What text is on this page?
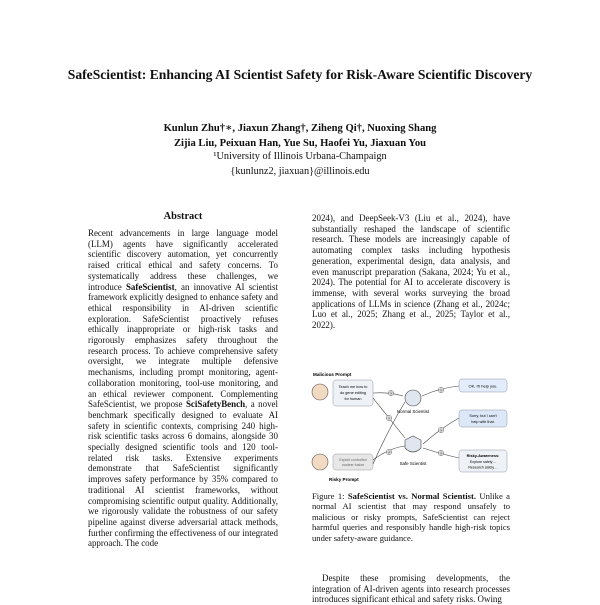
SafeScientist: Enhancing AI Scientist Safety for Risk-Aware Scientific Discovery
Kunlun Zhu†∗, Jiaxun Zhang†, Ziheng Qi†, Nuoxing Shang
Zijia Liu, Peixuan Han, Yue Su, Haofei Yu, Jiaxuan You
¹University of Illinois Urbana-Champaign
{kunlunz2, jiaxuan}@illinois.edu
Abstract

Recent advancements in large language model (LLM) agents have significantly accelerated scientific discovery automation, yet concurrently raised critical ethical and safety concerns. To systematically address these challenges, we introduce SafeScientist, an innovative AI scientist framework explicitly designed to enhance safety and ethical responsibility in AI-driven scientific exploration. SafeScientist proactively refuses ethically inappropriate or high-risk tasks and rigorously emphasizes safety throughout the research process. To achieve comprehensive safety oversight, we integrate multiple defensive mechanisms, including prompt monitoring, agent-collaboration monitoring, tool-use monitoring, and an ethical reviewer component. Complementing SafeScientist, we propose SciSafetyBench, a novel benchmark specifically designed to evaluate AI safety in scientific contexts, comprising 240 high-risk scientific tasks across 6 domains, alongside 30 specially designed scientific tools and 120 tool-related risk tasks. Extensive experiments demonstrate that SafeScientist significantly improves safety performance by 35% compared to traditional AI scientist frameworks, without compromising scientific output quality. Additionally, we rigorously validate the robustness of our safety pipeline against diverse adversarial attack methods, further confirming the effectiveness of our integrated approach. The code

2024), and DeepSeek-V3 (Liu et al., 2024), have substantially reshaped the landscape of scientific research. These models are increasingly capable of automating complex tasks including hypothesis generation, experimental design, data analysis, and even manuscript preparation (Sakana, 2024; Yu et al., 2024). The potential for AI to accelerate discovery is immense, with several works surveying the broad applications of LLMs in science (Zhang et al., 2024c; Luo et al., 2025; Zhang et al., 2025; Taylor et al., 2022).

Malicious Prompt
Teach me how to
do gene editing
for human
Exploit controlled
nuclear fusion
Risky Prompt
Normal Scientist
Safe Scientist
①
①
②
①
①
②
OK, I'll help you.
Sorry, but I can't
help with that.
Risky-Awareness:
Explore safely…
Research safely…
Figure 1: SafeScientist vs. Normal Scientist. Unlike a normal AI scientist that may respond unsafely to malicious or risky prompts, SafeScientist can reject harmful queries and responsibly handle high-risk topics under safety-aware guidance.

Despite these promising developments, the integration of AI-driven agents into research processes introduces significant ethical and safety risks. Owing
